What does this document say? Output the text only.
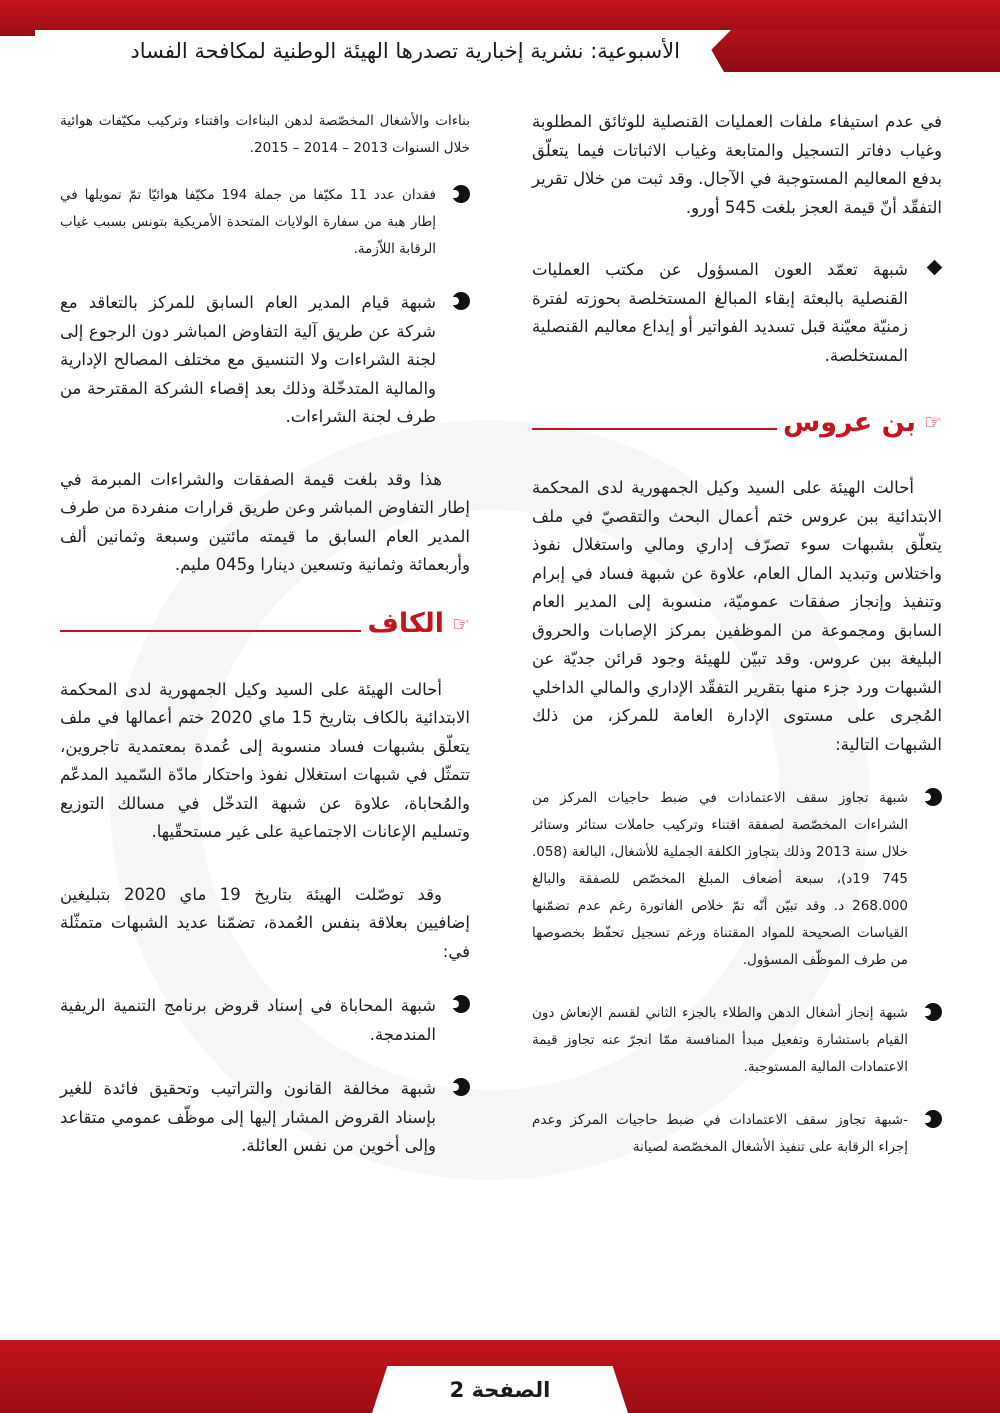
الأسبوعية: نشرية إخبارية تصدرها الهيئة الوطنية لمكافحة الفساد

في عدم استيفاء ملفات العمليات القنصلية للوثائق المطلوبة وغياب دفاتر التسجيل والمتابعة وغياب الاثباتات فيما يتعلّق بدفع المعاليم المستوجبة في الآجال. وقد ثبت من خلال تقرير التفقّد أنّ قيمة العجز بلغت 545 أورو.

شبهة تعمّد العون المسؤول عن مكتب العمليات القنصلية بالبعثة إبقاء المبالغ المستخلصة بحوزته لفترة زمنيّة معيّنة قبل تسديد الفواتير أو إيداع معاليم القنصلية المستخلصة.

☞
بن عروس

أحالت الهيئة على السيد وكيل الجمهورية لدى المحكمة الابتدائية ببن عروس ختم أعمال البحث والتقصيّ في ملف يتعلّق بشبهات سوء تصرّف إداري ومالي واستغلال نفوذ واختلاس وتبديد المال العام، علاوة عن شبهة فساد في إبرام وتنفيذ وإنجاز صفقات عموميّة، منسوبة إلى المدير العام السابق ومجموعة من الموظفين بمركز الإصابات والحروق البليغة ببن عروس. وقد تبيّن للهيئة وجود قرائن جديّة عن الشبهات ورد جزء منها بتقرير التفقّد الإداري والمالي الداخلي المُجرى على مستوى الإدارة العامة للمركز، من ذلك الشبهات التالية:

شبهة تجاوز سقف الاعتمادات في ضبط حاجيات المركز من الشراءات المخصّصة لصفقة اقتناء وتركيب حاملات ستائر وستائر خلال سنة 2013 وذلك بتجاوز الكلفة الجملية للأشغال، البالغة (058. 745 19د)، سبعة أضعاف المبلغ المخصّص للصفقة والبالغ 268.000 د. وقد تبيّن أنّه تمّ خلاص الفاتورة رغم عدم تضمّنها القياسات الصحيحة للمواد المقتناة ورغم تسجيل تحفّظ بخصوصها من طرف الموظّف المسؤول.

شبهة إنجاز أشغال الدهن والطلاء بالجزء الثاني لقسم الإنعاش دون القيام باستشارة وتفعيل مبدأ المنافسة ممّا انجرّ عنه تجاوز قيمة الاعتمادات المالية المستوجبة.

-شبهة تجاوز سقف الاعتمادات في ضبط حاجيات المركز وعدم إجراء الرقابة على تنفيذ الأشغال المخصّصة لصيانة

بناءات والأشغال المخصّصة لدهن البناءات واقتناء وتركيب مكيّفات هوائية خلال السنوات 2013 – 2014 – 2015.

فقدان عدد 11 مكيّفا من جملة 194 مكيّفا هوائيّا تمّ تمويلها في إطار هبة من سفارة الولايات المتحدة الأمريكية بتونس بسبب غياب الرقابة اللاّزمة.

شبهة قيام المدير العام السابق للمركز بالتعاقد مع شركة عن طريق آلية التفاوض المباشر دون الرجوع إلى لجنة الشراءات ولا التنسيق مع مختلف المصالح الإدارية والمالية المتدخّلة وذلك بعد إقصاء الشركة المقترحة من طرف لجنة الشراءات.

هذا وقد بلغت قيمة الصفقات والشراءات المبرمة في إطار التفاوض المباشر وعن طريق قرارات منفردة من طرف المدير العام السابق ما قيمته مائتين وسبعة وثمانين ألف وأربعمائة وثمانية وتسعين دينارا و045 مليم.

☞
الكاف

أحالت الهيئة على السيد وكيل الجمهورية لدى المحكمة الابتدائية بالكاف بتاريخ 15 ماي 2020 ختم أعمالها في ملف يتعلّق بشبهات فساد منسوبة إلى عُمدة بمعتمدية تاجروين، تتمثّل في شبهات استغلال نفوذ واحتكار مادّة السّميد المدعّم والمُحاباة، علاوة عن شبهة التدخّل في مسالك التوزيع وتسليم الإعانات الاجتماعية على غير مستحقّيها.

وقد توصّلت الهيئة بتاريخ 19 ماي 2020 بتبليغين إضافيين بعلاقة بنفس العُمدة، تضمّنا عديد الشبهات متمثّلة في:

شبهة المحاباة في إسناد قروض برنامج التنمية الريفية المندمجة.

شبهة مخالفة القانون والتراتيب وتحقيق فائدة للغير بإسناد القروض المشار إليها إلى موظّف عمومي متقاعد وإلى أخوين من نفس العائلة.

الصفحة 2
